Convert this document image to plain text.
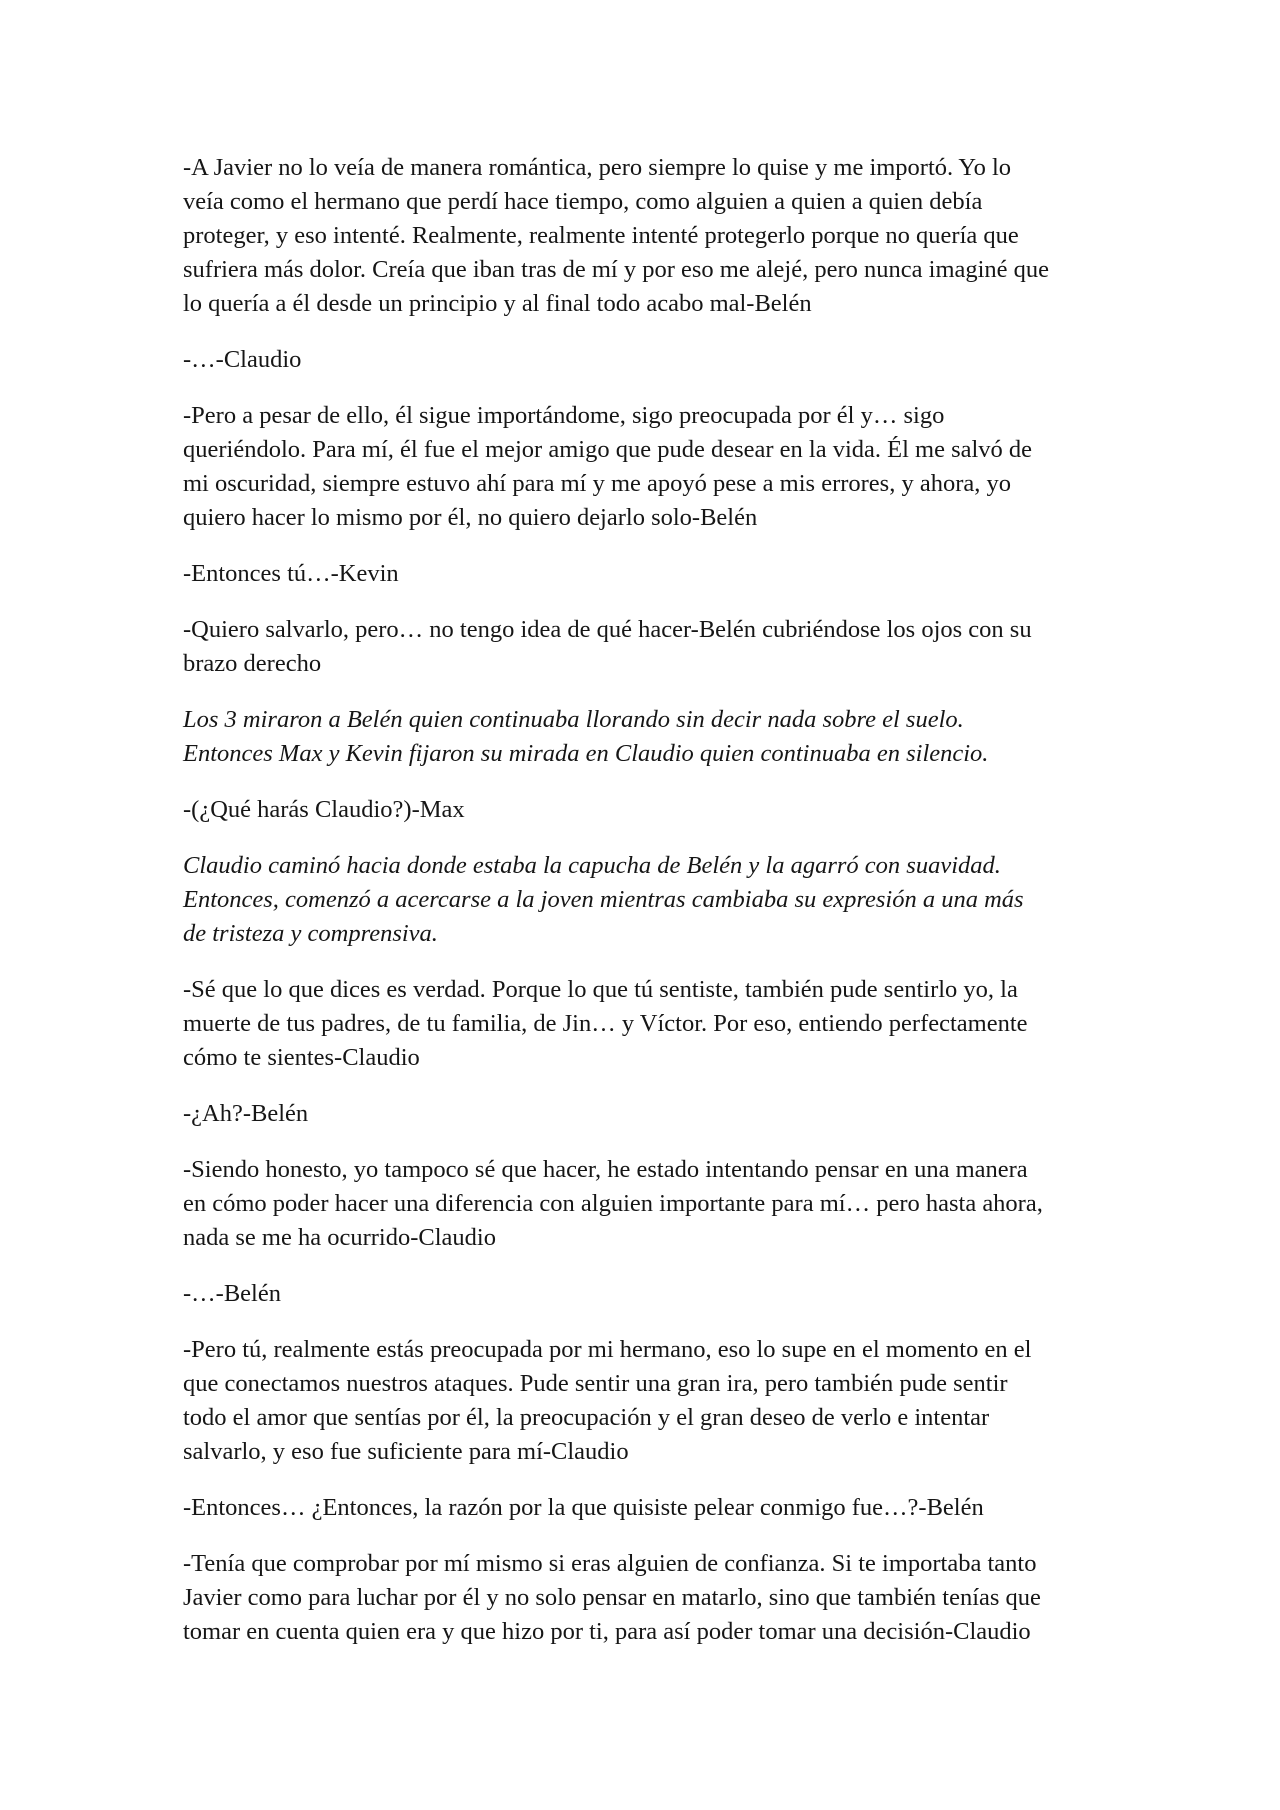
-A Javier no lo veía de manera romántica, pero siempre lo quise y me importó. Yo lo
veía como el hermano que perdí hace tiempo, como alguien a quien a quien debía
proteger, y eso intenté. Realmente, realmente intenté protegerlo porque no quería que
sufriera más dolor. Creía que iban tras de mí y por eso me alejé, pero nunca imaginé que
lo quería a él desde un principio y al final todo acabo mal-Belén

-…-Claudio

-Pero a pesar de ello, él sigue importándome, sigo preocupada por él y… sigo
queriéndolo. Para mí, él fue el mejor amigo que pude desear en la vida. Él me salvó de
mi oscuridad, siempre estuvo ahí para mí y me apoyó pese a mis errores, y ahora, yo
quiero hacer lo mismo por él, no quiero dejarlo solo-Belén

-Entonces tú…-Kevin

-Quiero salvarlo, pero… no tengo idea de qué hacer-Belén cubriéndose los ojos con su
brazo derecho

Los 3 miraron a Belén quien continuaba llorando sin decir nada sobre el suelo.
Entonces Max y Kevin fijaron su mirada en Claudio quien continuaba en silencio.

-(¿Qué harás Claudio?)-Max

Claudio caminó hacia donde estaba la capucha de Belén y la agarró con suavidad.
Entonces, comenzó a acercarse a la joven mientras cambiaba su expresión a una más
de tristeza y comprensiva.

-Sé que lo que dices es verdad. Porque lo que tú sentiste, también pude sentirlo yo, la
muerte de tus padres, de tu familia, de Jin… y Víctor. Por eso, entiendo perfectamente
cómo te sientes-Claudio

-¿Ah?-Belén

-Siendo honesto, yo tampoco sé que hacer, he estado intentando pensar en una manera
en cómo poder hacer una diferencia con alguien importante para mí… pero hasta ahora,
nada se me ha ocurrido-Claudio

-…-Belén

-Pero tú, realmente estás preocupada por mi hermano, eso lo supe en el momento en el
que conectamos nuestros ataques. Pude sentir una gran ira, pero también pude sentir
todo el amor que sentías por él, la preocupación y el gran deseo de verlo e intentar
salvarlo, y eso fue suficiente para mí-Claudio

-Entonces… ¿Entonces, la razón por la que quisiste pelear conmigo fue…?-Belén

-Tenía que comprobar por mí mismo si eras alguien de confianza. Si te importaba tanto
Javier como para luchar por él y no solo pensar en matarlo, sino que también tenías que
tomar en cuenta quien era y que hizo por ti, para así poder tomar una decisión-Claudio
